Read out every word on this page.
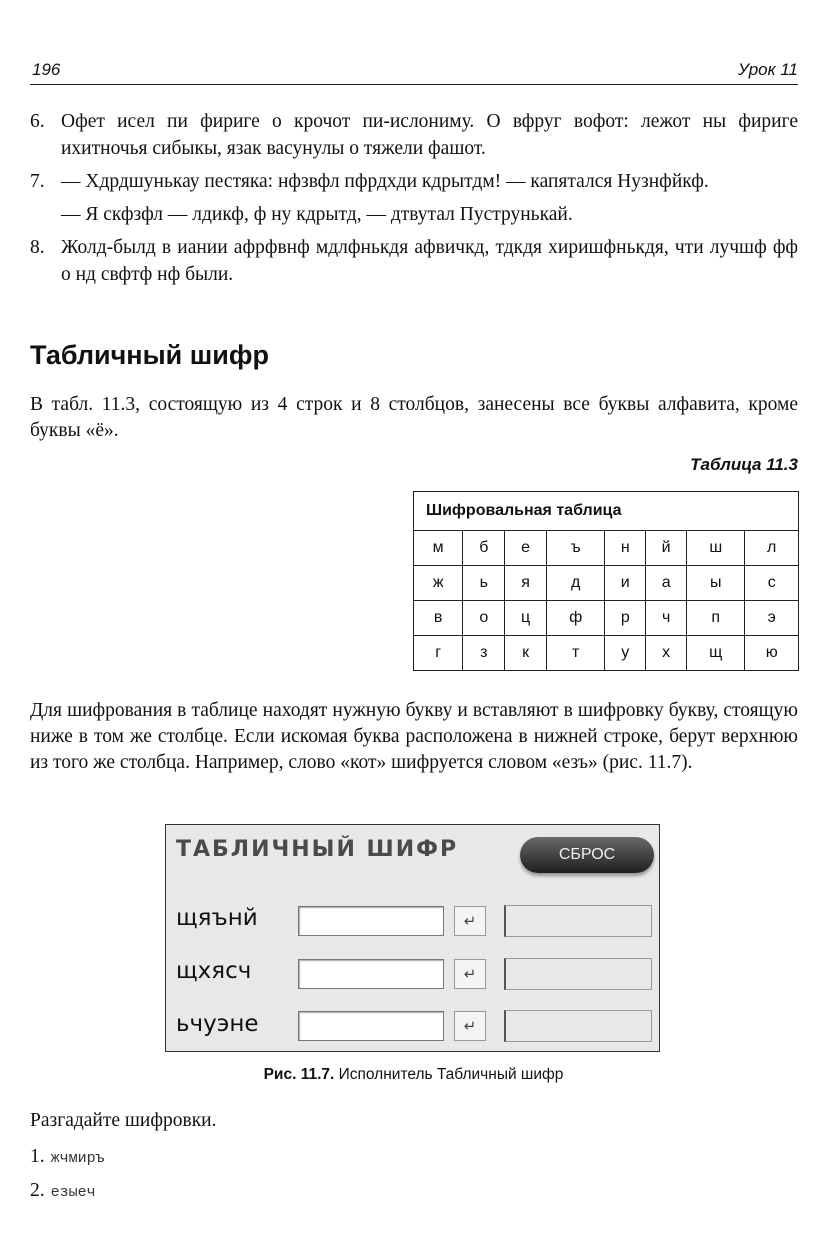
196	Урок 11
6. Офет исел пи фириге о крочот пи-ислониму. О вфруг вофот: лежот ны фириге ихитночья сибыкы, язак васунулы о тяжели фашот.

7. — Хдрдшунькау пестяка: нфзвфл пфрдхди кдрытдм! — капятался Нузнфйкф.

— Я скфзфл — лдикф, ф ну кдрытд, — дтвутал Пуструнькай.

8. Жолд-былд в иании афрфвнф мдлфнькдя афвичкд, тдкдя хиришфнькдя, чти лучшф фф о нд свфтф нф были.

Табличный шифр

В табл. 11.3, состоящую из 4 строк и 8 столбцов, занесены все буквы алфавита, кроме буквы «ё».

Таблица 11.3
Шифровальная таблица							
м	б	е	ъ	н	й	ш	л
ж	ь	я	д	и	а	ы	с
в	о	ц	ф	р	ч	п	э
г	з	к	т	у	х	щ	ю

Для шифрования в таблице находят нужную букву и вставляют в шифровку букву, стоящую ниже в том же столбце. Если искомая буква расположена в нижней строке, берут верхнюю из того же столбца. Например, слово «кот» шифруется словом «езъ» (рис. 11.7).

ТАБЛИЧНЫЙ ШИФР	СБРОС
щяънй	↵
щхясч	↵
ьчуэне	↵
Рис. 11.7. Исполнитель Табличный шифр
Разгадайте шифровки.
1. жчмиръ
2. езыеч
